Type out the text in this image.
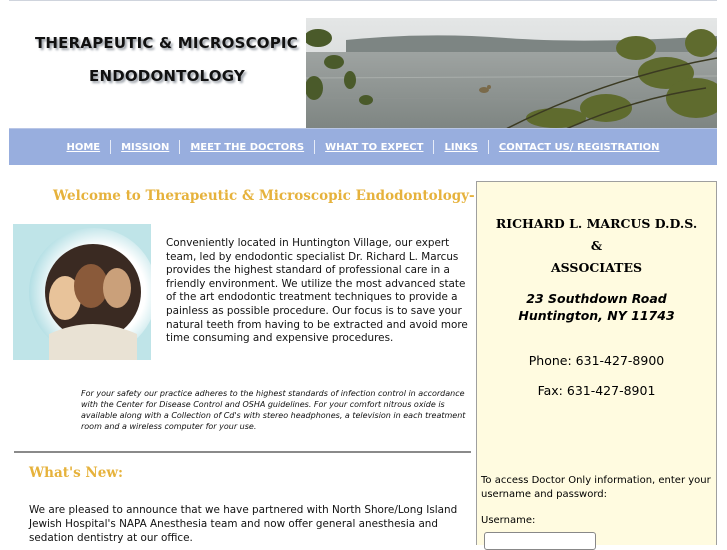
THERAPEUTIC & MICROSCOPIC
ENDODONTOLOGY
HOME	MISSION	MEET THE DOCTORS	WHAT TO EXPECT	LINKS	CONTACT US/ REGISTRATION
Welcome to Therapeutic & Microscopic Endodontology-
Conveniently located in Huntington Village, our expert team, led by endodontic specialist Dr. Richard L. Marcus provides the highest standard of professional care in a friendly environment. We utilize the most advanced state of the art endodontic treatment techniques to provide a painless as possible procedure. Our focus is to save your natural teeth from having to be extracted and avoid more time consuming and expensive procedures.
For your safety our practice adheres to the highest standards of infection control in accordance with the Center for Disease Control and OSHA guidelines. For your comfort nitrous oxide is available along with a Collection of Cd's with stereo headphones, a television in each treatment room and a wireless computer for your use.
What's New:
We are pleased to announce that we have partnered with North Shore/Long Island Jewish Hospital's NAPA Anesthesia team and now offer general anesthesia and sedation dentistry at our office.
RICHARD L. MARCUS D.D.S.
&
ASSOCIATES
23 Southdown Road
Huntington, NY 11743
Phone: 631-427-8900
Fax: 631-427-8901
To access Doctor Only information, enter your username and password:
Username:
